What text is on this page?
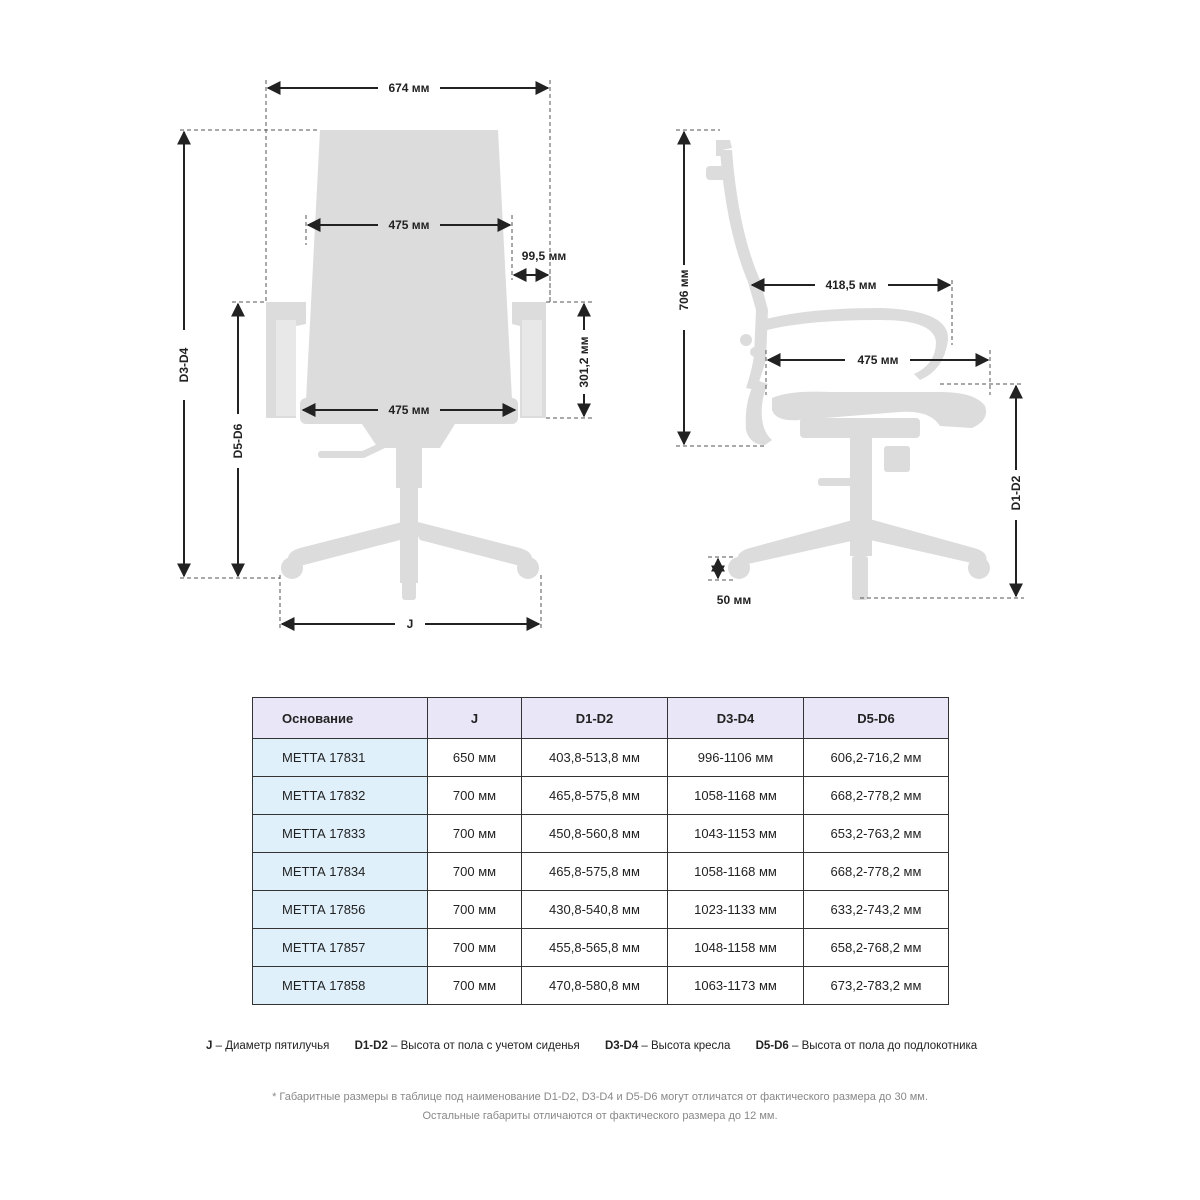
674 мм
475 мм
99,5 мм
301,2 мм
475 мм
D3-D4
D5-D6
J
706 мм	418,5 мм
475 мм
D1-D2
50 мм
Основание	J	D1-D2	D3-D4	D5-D6
МЕТТА 17831	650 мм	403,8-513,8 мм	996-1106 мм	606,2-716,2 мм
МЕТТА 17832	700 мм	465,8-575,8 мм	1058-1168 мм	668,2-778,2 мм
МЕТТА 17833	700 мм	450,8-560,8 мм	1043-1153 мм	653,2-763,2 мм
МЕТТА 17834	700 мм	465,8-575,8 мм	1058-1168 мм	668,2-778,2 мм
МЕТТА 17856	700 мм	430,8-540,8 мм	1023-1133 мм	633,2-743,2 мм
МЕТТА 17857	700 мм	455,8-565,8 мм	1048-1158 мм	658,2-768,2 мм
МЕТТА 17858	700 мм	470,8-580,8 мм	1063-1173 мм	673,2-783,2 мм
J – Диаметр пятилучья D1-D2 – Высота от пола с учетом сиденья D3-D4 – Высота кресла D5-D6 – Высота от пола до подлокотника
* Габаритные размеры в таблице под наименование D1-D2, D3-D4 и D5-D6 могут отличатся от фактического размера до 30 мм.
Остальные габариты отличаются от фактического размера до 12 мм.
